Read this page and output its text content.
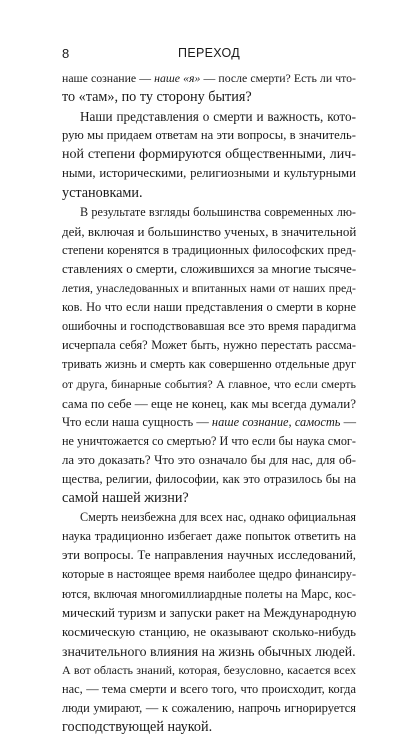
8	ПЕРЕХОД
наше сознание — наше «я» — после смерти? Есть ли что-
то «там», по ту сторону бытия?
Наши представления о смерти и важность, кото-
рую мы придаем ответам на эти вопросы, в значитель-
ной степени формируются общественными, лич-
ными, историческими, религиозными и культурными
установками.
В результате взгляды большинства современных лю-
дей, включая и большинство ученых, в значительной
степени коренятся в традиционных философских пред-
ставлениях о смерти, сложившихся за многие тысяче-
летия, унаследованных и впитанных нами от наших пред-
ков. Но что если наши представления о смерти в корне
ошибочны и господствовавшая все это время парадигма
исчерпала себя? Может быть, нужно перестать рассма-
тривать жизнь и смерть как совершенно отдельные друг
от друга, бинарные события? А главное, что если смерть
сама по себе — еще не конец, как мы всегда думали?
Что если наша сущность — наше сознание, самость —
не уничтожается со смертью? И что если бы наука смог-
ла это доказать? Что это означало бы для нас, для об-
щества, религии, философии, как это отразилось бы на
самой нашей жизни?
Смерть неизбежна для всех нас, однако официальная
наука традиционно избегает даже попыток ответить на
эти вопросы. Те направления научных исследований,
которые в настоящее время наиболее щедро финансиру-
ются, включая многомиллиардные полеты на Марс, кос-
мический туризм и запуски ракет на Международную
космическую станцию, не оказывают сколько-нибудь
значительного влияния на жизнь обычных людей.
А вот область знаний, которая, безусловно, касается всех
нас, — тема смерти и всего того, что происходит, когда
люди умирают, — к сожалению, напрочь игнорируется
господствующей наукой.
